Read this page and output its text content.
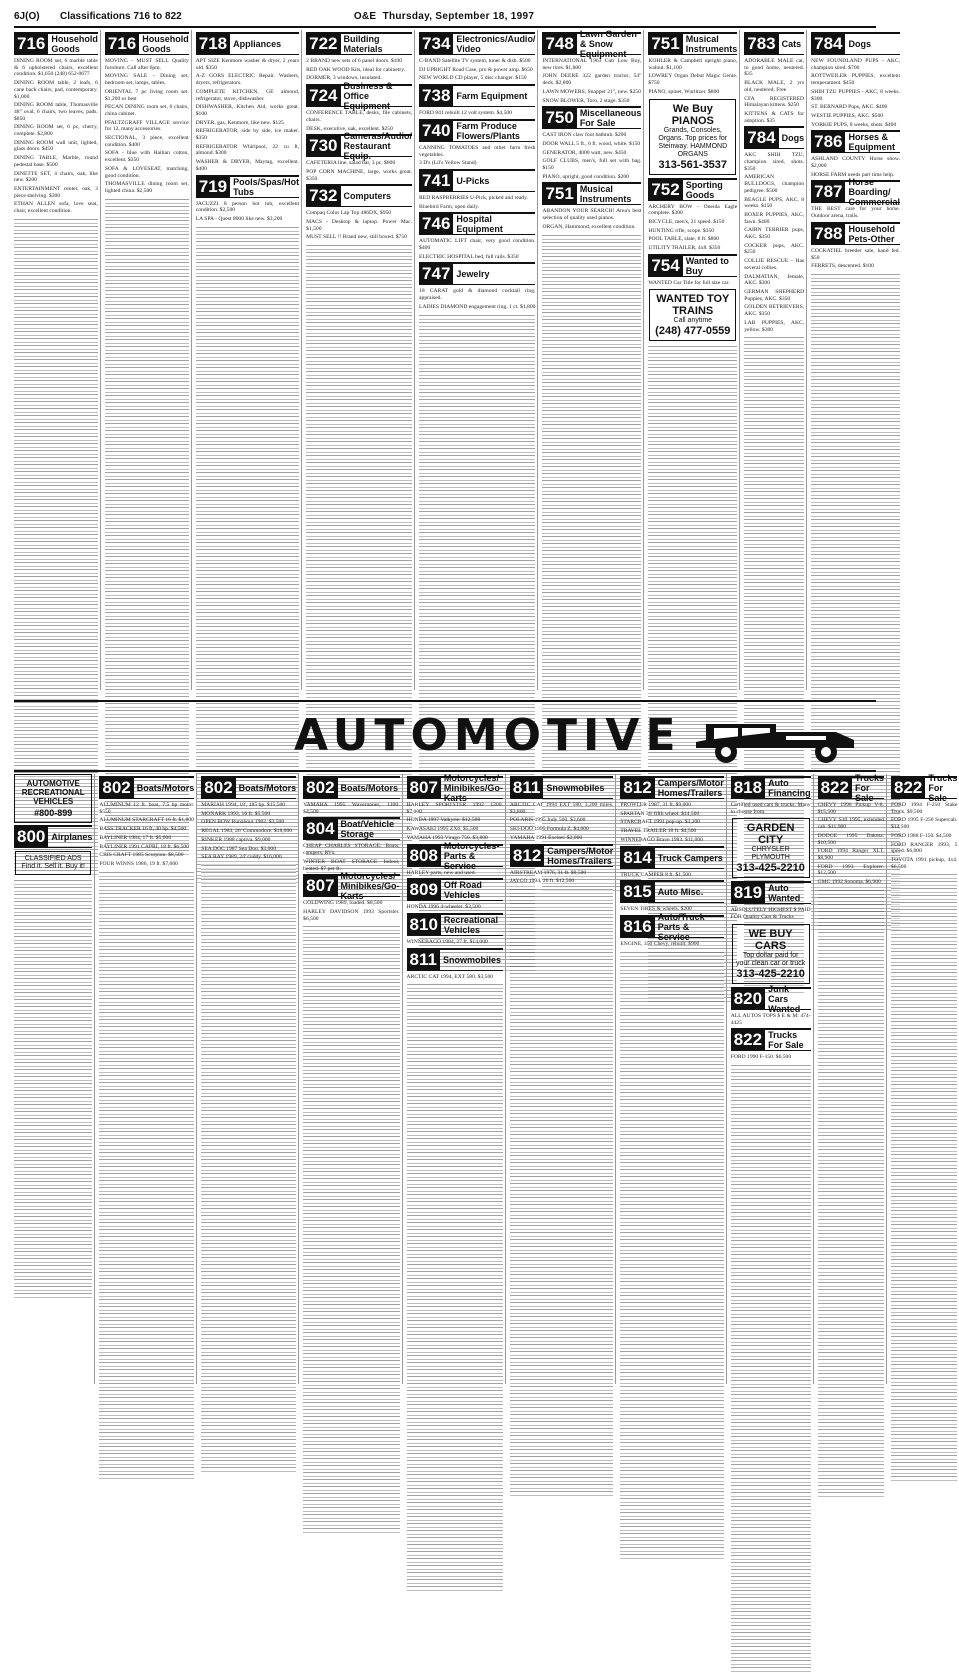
6J(O) Classifications 716 to 822	O&E Thursday, September 18, 1997
716 Household Goods
DINING ROOM set, 6 marble table & 6 upholstered chairs, excellent condition. $1,650 (248) 652-0677
DINING ROOM table, 2 leafs, 6 cane back chairs, pad, contemporary. $1,000
DINING ROOM table, Thomasville 48" oval, 6 chairs, two leaves, pads. $850
DINING ROOM set, 6 pc, cherry, complete. $2,800
DINING ROOM wall unit, lighted, glass doors. $450
DINING TABLE, Marble, round pedestal base. $500
DINETTE SET, 4 chairs, oak, like new. $200
ENTERTAINMENT center, oak, 3 piece shelving. $300
ETHAN ALLEN sofa, love seat, chair, excellent condition.
716 Household Goods
MOVING - MUST SELL Quality furniture. Call after 6pm.
MOVING SALE - Dining set, bedroom set, lamps, tables.
ORIENTAL 7 pc living room set. $1,200 or best
PECAN DINING room set, 6 chairs, china cabinet.
PFALTZGRAFF VILLAGE service for 12, many accessories.
SECTIONAL, 3 piece, excellent condition. $400
SOFA - blue with Haitian cotton, excellent. $350
SOFA & LOVESEAT, matching, good condition.
THOMASVILLE dining room set, lighted china. $2,500
718 Appliances
APT SIZE Kenmore washer & dryer, 2 years old. $350
A-Z GORS ELECTRIC Repair. Washers, dryers, refrigerators.
COMPLETE KITCHEN, GE almond, refrigerator, stove, dishwasher.
DISHWASHER, Kitchen Aid, works great. $100
DRYER, gas, Kenmore, like new. $125
REFRIGERATOR, side by side, ice maker. $350
REFRIGERATOR Whirlpool, 22 cu ft, almond. $300
WASHER & DRYER, Maytag, excellent. $400
719 Pools/Spas/Hot Tubs
JACUZZI 8 person hot tub, excellent condition. $2,500
LA SPA - Quest 8000 like new. $3,200
722 Building Materials
2 BRAND new sets of 6 panel doors. $100
RED OAK WOOD Kits, ideal for cabinetry.
DORMER, 3 windows, insulated.
724 Business & Office Equipment
CONFERENCE TABLE, desks, file cabinets, chairs.
DESK, executive, oak, excellent. $250
730 Cameras/Audio/ Restaurant Equip.
CAFETERIA line, salad bar, 3 pc. $800
POP CORN MACHINE, large, works great. $350
732 Computers
Compaq Color Lap Top 486DX, $950
MACS - Desktop & laptop. Power Mac. $1,500
MUST SELL !! Brand new, still boxed. $750
734 Electronics/Audio/ Video
C-BAND Satellite TV system, tuner & dish. $500
DJ UPRIGHT Road Case, pro & power amp. $650
NEW WORLD CD player, 5 disc changer. $150
738 Farm Equipment
FORD 841 rebuilt 12 volt system. $4,500
740 Farm Produce Flowers/Plants
CANNING TOMATOES and other farm fresh vegetables.
3 D's (Lil's Yellow Stand)
741 U-Picks
RED RASPBERRIES U-Pick, picked and ready.
Bluebird Farm, open daily.
746 Hospital Equipment
AUTOMATIC LIFT chair, very good condition. $400
ELECTRIC HOSPITAL bed, full rails. $350
747 Jewelry
18 CARAT gold & diamond cocktail ring, appraised.
LADIES DIAMOND engagement ring, 1 ct. $1,800
748 Lawn Garden & Snow Equipment
INTERNATIONAL 1963 Cub Low Boy, new tires. $1,800
JOHN DEERE 322 garden tractor, 54" deck. $2,800
LAWN MOWERS, Snapper 21", new. $250
SNOW BLOWER, Toro, 2 stage. $350
750 Miscellaneous For Sale
CAST IRON claw foot bathtub. $200
DOOR WALL 5 ft., 6 ft. wood, white. $150
GENERATOR, 4000 watt, new. $450
GOLF CLUBS, men's, full set with bag. $150
PIANO, upright, good condition. $200
751 Musical Instruments
ABANDON YOUR SEARCH! Area's best selection of quality used pianos.
ORGAN, Hammond, excellent condition.
751 Musical Instruments
KOHLER & Campbell upright piano, walnut. $1,100
LOWREY Organ Debut Magic Genie. $750
PIANO, spinet, Wurlitzer. $800
We Buy PIANOS
Grands, Consoles, Organs. Top prices for Steinway. HAMMOND ORGANS
313-561-3537
752 Sporting Goods
ARCHERY BOW - Oneida Eagle complete. $300
BICYCLE, men's, 21 speed. $150
HUNTING rifle, scope. $350
POOL TABLE, slate, 8 ft. $800
UTILITY TRAILER, 4x8. $350
754 Wanted to Buy
WANTED Car Title for full size car.
WANTED TOY TRAINS
Call anytime
(248) 477-0559
783 Cats
ADORABLE MALE cat, to good home, neutered. $35
BLACK MALE, 2 yrs old, neutered. Free
CFA REGISTERED Himalayan kittens. $250
KITTENS & CATS for adoption. $35
784 Dogs
AKC SHIH TZU, champion sired, shots. $350
AMERICAN BULLDOGS, champion pedigree. $500
BEAGLE PUPS, AKC, 8 weeks. $150
BOXER PUPPIES, AKC, fawn. $400
CAIRN TERRIER pups, AKC. $350
COCKER pups, AKC. $250
COLLIE RESCUE - Has several collies.
DALMATIAN, female, AKC. $300
GERMAN SHEPHERD Puppies, AKC. $350
GOLDEN RETRIEVERS, AKC. $350
LAB PUPPIES, AKC, yellow. $300
784 Dogs
NEW FOUNDLAND PUPS - AKC, champion sired. $700
ROTTWEILER PUPPIES, excellent temperament. $450
SHIH TZU PUPPIES - AKC, 8 weeks. $300
ST. BERNARD Pups, AKC. $400
WESTIE PUPPIES, AKC. $500
YORKIE PUPS, 8 weeks, shots. $400
786 Horses & Equipment
ASHLAND COUNTY Horse show. $2,000
HORSE FARM needs part time help.
787 Horse Boarding/ Commercial
THE BEST care for your horse. Outdoor arena, trails.
788 Household Pets-Other
COCKATIEL breeder sale, hand fed. $50
FERRETS, descented. $100
AUTOMOTIVE
AUTOMOTIVE
RECREATIONAL
VEHICLES
#800-899
800 Airplanes
CLASSIFIED ADS Find it. Sell it. Buy it!
802 Boats/Motors
ALUMINUM 12 ft. boat, 7.5 hp motor. $550
ALUMINUM STARCRAFT 16 ft. $1,800
BASS TRACKER 16 ft, 40 hp. $4,500
BAYLINER 1984, 17 ft. $5,000
BAYLINER 1991 CAPRI, 18 ft. $6,500
CRIS CRAFT 1985 Scorpion. $8,500
FOUR WINNS 1986, 19 ft. $7,000
802 Boats/Motors
MARIAH 1994, 18', 185 hp. $15,500
MONARK 1993, 16 ft. $5,500
OPEN BOW Runabout 1982. $3,500
REGAL 1983, 26' Commodore. $18,000
RINKER 1988 captiva. $9,000
SEA DOC 1987 Sea Doo. $3,000
SEA RAY 1989, 24' cuddy. $16,000
802 Boats/Motors
YAMAHA 1995 Waverunner, 1100. $4,500
804 Boat/Vehicle Storage
CHEAP CHARLES STORAGE. Boats, campers, RVs.
WINTER BOAT STORAGE Indoor, heated. $7 per ft.
807 Motorcycles/ Minibikes/Go-Karts
GOLDWING 1989, loaded. $8,500
HARLEY DAVIDSON 1993 Sportster. $6,500
807 Motorcycles/ Minibikes/Go-Karts
HARLEY SPORTSTER 1992 1200. $7,000
HONDA 1997 Valkyrie. $12,500
KAWASAKI 1995 ZX6. $5,500
YAMAHA 1993 Virago 750. $3,800
808 Motorcycles- Parts & Service
HARLEY parts, new and used.
809 Off Road Vehicles
HONDA 1996 4-wheeler. $3,500
810 Recreational Vehicles
WINNEBAGO 1984, 27 ft. $14,000
811 Snowmobiles
ARCTIC CAT 1994, EXT 580. $3,500
811 Snowmobiles
ARCTIC CAT 1994 EXT 580, 3,200 miles. $3,800
POLARIS 1995 Indy 500. $3,600
SKI-DOO 1995 Formula Z. $4,000
YAMAHA 1991 Exciter. $2,000
812 Campers/Motor Homes/Trailers
AIRSTREAM 1976, 31 ft. $9,500
JAYCO 1994, 26 ft. $12,500
812 Campers/Motor Homes/Trailers
PROWLER 1987, 31 ft. $9,000
SPARTAN 36' fifth wheel. $14,500
STARCRAFT 1991 pop-up. $3,200
TRAVEL TRAILER 18 ft. $4,500
WINNEBAGO Brave 1983. $11,000
814 Truck Campers
TRUCK CAMPER 8 ft. $1,500
815 Auto Misc.
SEVEN TIRES & wheels. $200
816 Auto/Truck Parts & Service
ENGINE, 350 Chevy, rebuilt. $900
818 Auto Financing
Certified used cars & trucks. Many to choose from.
GARDEN CITY
CHRYSLER PLYMOUTH
313-425-2210
819 Auto Wanted
ABSOLUTELY HIGHEST $ PAID FOR Quality Cars & Trucks
WE BUY CARS
Top dollar paid for your clean car or truck
313-425-2210
820 Junk Cars Wanted
ALL AUTOS TOPS $ E & M: 474-4425
822 Trucks For Sale
FORD 1990 F-150. $6,500
822 Trucks For Sale
CHEVY 1996 Pickup V-8. $15,500
CHEVY S10 1995, extended cab. $11,900
DODGE 1995 Dakota. $10,500
FORD 1994 Ranger XLT. $8,900
FORD 1993 Explorer. $12,500
GMC 1992 Sonoma. $6,900
822 Trucks For Sale
FORD 1994 F-250 Stake Truck. $9,500
FORD 1995 F-250 Supercab. $14,500
FORD 1988 F-150. $4,500
FORD RANGER 1993, 5 speed. $6,000
TOYOTA 1991 pickup, 4x4. $6,500
